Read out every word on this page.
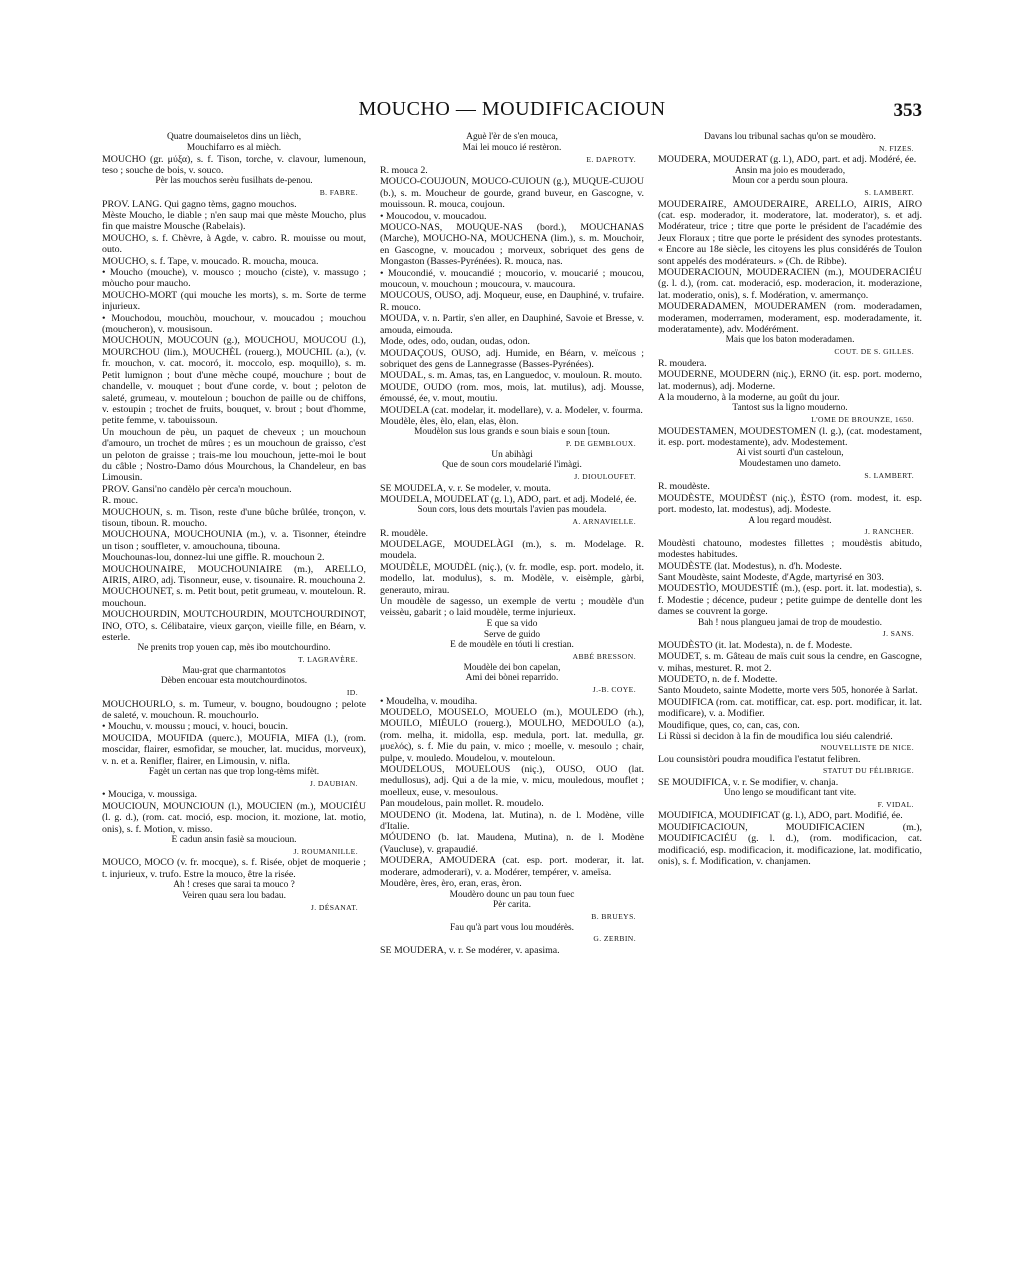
MOUCHO — MOUDIFICACIOUN	353

Quatre doumaiseletos dins un lièch,

Mouchifarro es al mièch.

MOUCHO (gr. μύξα), s. f. Tison, torche, v. clavour, lumenoun, teso ; souche de bois, v. souco.

Pèr las mouchos serèu fusilhats de-penou.

B. FABRE.

PROV. LANG. Qui gagno tèms, gagno mouchos.

Mèste Moucho, le diable ; n'en saup mai que mèste Moucho, plus fin que maistre Mousche (Rabelais).

MOUCHO, s. f. Chèvre, à Agde, v. cabro. R. mouisse ou mout, outo.

MOUCHO, s. f. Tape, v. moucado. R. moucha, mouca.

• Moucho (mouche), v. mousco ; moucho (ciste), v. massugo ; mòucho pour maucho.

MOUCHO-MORT (qui mouche les morts), s. m. Sorte de terme injurieux.

• Mouchodou, mouchòu, mouchour, v. moucadou ; mouchou (moucheron), v. mousisoun.

MOUCHOUN, MOUCOUN (g.), MOUCHOU, MOUCOU (l.), MOURCHOU (lim.), MOUCHÈL (rouerg.), MOUCHIL (a.), (v. fr. mouchon, v. cat. mocoró, it. moccolo, esp. moquillo), s. m. Petit lumignon ; bout d'une mèche coupé, mouchure ; bout de chandelle, v. mouquet ; bout d'une corde, v. bout ; peloton de saleté, grumeau, v. mouteloun ; bouchon de paille ou de chiffons, v. estoupin ; trochet de fruits, bouquet, v. brout ; bout d'homme, petite femme, v. tabouissoun.

Un mouchoun de pèu, un paquet de cheveux ; un mouchoun d'amouro, un trochet de mûres ; es un mouchoun de graisso, c'est un peloton de graisse ; trais-me lou mouchoun, jette-moi le bout du câble ; Nostro-Damo dóus Mourchous, la Chandeleur, en bas Limousin.

PROV. Gansi'no candèlo pèr cerca'n mouchoun.

R. mouc.

MOUCHOUN, s. m. Tison, reste d'une bûche brûlée, tronçon, v. tisoun, tiboun. R. moucho.

MOUCHOUNA, MOUCHOUNIA (m.), v. a. Tisonner, éteindre un tison ; souffleter, v. amouchouna, tibouna.

Mouchounas-lou, donnez-lui une giffle. R. mouchoun 2.

MOUCHOUNAIRE, MOUCHOUNIAIRE (m.), ARELLO, AIRIS, AIRO, adj. Tisonneur, euse, v. tisounaire. R. mouchouna 2.

MOUCHOUNET, s. m. Petit bout, petit grumeau, v. mouteloun. R. mouchoun.

MOUCHOURDIN, MOUTCHOURDIN, MOUTCHOURDINOT, INO, OTO, s. Célibataire, vieux garçon, vieille fille, en Béarn, v. esterle.

Ne prenits trop youen cap, mès ibo moutchourdino.

T. LAGRAVÈRE.

Mau-grat que charmantotos

Dèben encouar esta moutchourdinotos.

ID.

MOUCHOURLO, s. m. Tumeur, v. bougno, boudougno ; pelote de saleté, v. mouchoun. R. mouchourlo.

• Mouchu, v. moussu ; mouci, v. houci, boucin.

MOUCIDA, MOUFIDA (querc.), MOUFIA, MIFA (l.), (rom. moscidar, flairer, esmofidar, se moucher, lat. mucidus, morveux), v. n. et a. Renifler, flairer, en Limousin, v. nifla.

Fagèt un certan nas que trop long-tèms mifèt.

J. DAUBIAN.

• Mouciga, v. moussiga.

MOUCIOUN, MOUNCIOUN (l.), MOUCIEN (m.), MOUCIÉU (l. g. d.), (rom. cat. moció, esp. mocion, it. mozione, lat. motio, onis), s. f. Motion, v. misso.

E cadun ansin fasiè sa moucioun.

J. ROUMANILLE.

MOUCO, MOCO (v. fr. mocque), s. f. Risée, objet de moquerie ; t. injurieux, v. trufo. Estre la mouco, être la risée.

Ah ! creses que sarai ta mouco ?

Veiren quau sera lou badau.

J. DÉSANAT.

Aguè l'èr de s'en mouca,

Mai lei mouco ié restèron.

E. DAPROTY.

R. mouca 2.

MOUCO-COUJOUN, MOUCO-CUIOUN (g.), MUQUE-CUJOU (b.), s. m. Moucheur de gourde, grand buveur, en Gascogne, v. mouissoun. R. mouca, coujoun.

• Moucodou, v. moucadou.

MOUCO-NAS, MOUQUE-NAS (bord.), MOUCHANAS (Marche), MOUCHO-NA, MOUCHENA (lim.), s. m. Mouchoir, en Gascogne, v. moucadou ; morveux, sobriquet des gens de Mongaston (Basses-Pyrénées). R. mouca, nas.

• Moucondié, v. moucandié ; moucorio, v. moucarié ; moucou, moucoun, v. mouchoun ; moucoura, v. maucoura.

MOUCOUS, OUSO, adj. Moqueur, euse, en Dauphiné, v. trufaire. R. mouco.

MOUDA, v. n. Partir, s'en aller, en Dauphiné, Savoie et Bresse, v. amouda, eimouda.

Mode, odes, odo, oudan, oudas, odon.

MOUDAÇOUS, OUSO, adj. Humide, en Béarn, v. meïcous ; sobriquet des gens de Lannegrasse (Basses-Pyrénées).

MOUDAL, s. m. Amas, tas, en Languedoc, v. mouloun. R. mouto.

MOUDE, OUDO (rom. mos, mois, lat. mutilus), adj. Mousse, émoussé, ée, v. mout, moutiu.

MOUDELA (cat. modelar, it. modellare), v. a. Modeler, v. fourma.

Moudèle, èles, èlo, elan, elas, èlon.

Moudèlon sus lous grands e soun biais e soun [toun.

P. DE GEMBLOUX.

Un abihàgi

Que de soun cors moudelarié l'imàgi.

J. DIOULOUFET.

SE MOUDELA, v. r. Se modeler, v. mouta.

MOUDELA, MOUDELAT (g. l.), ADO, part. et adj. Modelé, ée.

Soun cors, lous dets mourtals l'avien pas moudela.

A. ARNAVIELLE.

R. moudèle.

MOUDELAGE, MOUDELÀGI (m.), s. m. Modelage. R. moudela.

MOUDÈLE, MOUDÈL (niç.), (v. fr. modle, esp. port. modelo, it. modello, lat. modulus), s. m. Modèle, v. eisèmple, gàrbi, generauto, mirau.

Un moudèle de sagesso, un exemple de vertu ; moudèle d'un veissèu, gabarit ; o laid moudèle, terme injurieux.

E que sa vido

Serve de guido

E de moudèle en tóuti li crestian.

ABBÉ BRESSON.

Moudèle dei bon capelan,

Ami dei bònei reparrido.

J.-B. COYE.

• Moudelha, v. moudiha.

MOUDELO, MOUSELO, MOUELO (m.), MOULEDO (rh.), MOUILO, MIÉULO (rouerg.), MOULHO, MEDOULO (a.), (rom. melha, it. midolla, esp. medula, port. lat. medulla, gr. μυελός), s. f. Mie du pain, v. mico ; moelle, v. mesoulo ; chair, pulpe, v. mouledo. Moudelou, v. mouteloun.

MOUDELOUS, MOUELOUS (niç.), OUSO, OUO (lat. medullosus), adj. Qui a de la mie, v. micu, mouledous, mouflet ; moelleux, euse, v. mesoulous.

Pan moudelous, pain mollet. R. moudelo.

MOUDENO (it. Modena, lat. Mutina), n. de l. Modène, ville d'Italie.

MÓUDENO (b. lat. Maudena, Mutina), n. de l. Modène (Vaucluse), v. grapaudié.

MOUDERA, AMOUDERA (cat. esp. port. moderar, it. lat. moderare, admoderari), v. a. Modérer, tempérer, v. ameïsa.

Moudère, ères, èro, eran, eras, èron.

Moudèro dounc un pau toun fuec

Pèr carita.

B. BRUEYS.

Fau qu'à part vous lou moudérès.

G. ZERBIN.

SE MOUDERA, v. r. Se modérer, v. apasima.

Davans lou tribunal sachas qu'on se moudèro.

N. FIZES.

MOUDERA, MOUDERAT (g. l.), ADO, part. et adj. Modéré, ée.

Ansin ma joio es mouderado,

Moun cor a perdu soun ploura.

S. LAMBERT.

MOUDERAIRE, AMOUDERAIRE, ARELLO, AIRIS, AIRO (cat. esp. moderador, it. moderatore, lat. moderator), s. et adj. Modérateur, trice ; titre que porte le président de l'académie des Jeux Floraux ; titre que porte le président des synodes protestants. « Encore au 18e siècle, les citoyens les plus considérés de Toulon sont appelés des modérateurs. » (Ch. de Ribbe).

MOUDERACIOUN, MOUDERACIEN (m.), MOUDERACIÉU (g. l. d.), (rom. cat. moderació, esp. moderacion, it. moderazione, lat. moderatio, onis), s. f. Modération, v. amermanço.

MOUDERADAMEN, MOUDERAMEN (rom. moderadamen, moderamen, moderramen, moderament, esp. moderadamente, it. moderatamente), adv. Modérément.

Mais que los baton moderadamen.

COUT. DE S. GILLES.

R. moudera.

MOUDERNE, MOUDERN (niç.), ERNO (it. esp. port. moderno, lat. modernus), adj. Moderne.

A la mouderno, à la moderne, au goût du jour.

Tantost sus la ligno mouderno.

L'OME DE BROUNZE, 1650.

MOUDESTAMEN, MOUDESTOMEN (l. g.), (cat. modestament, it. esp. port. modestamente), adv. Modestement.

Ai vist sourti d'un casteloun,

Moudestamen uno dameto.

S. LAMBERT.

R. moudèste.

MOUDÈSTE, MOUDÈST (niç.), ÈSTO (rom. modest, it. esp. port. modesto, lat. modestus), adj. Modeste.

A lou regard moudèst.

J. RANCHER.

Moudèsti chatouno, modestes fillettes ; moudèstis abitudo, modestes habitudes.

MOUDÈSTE (lat. Modestus), n. d'h. Modeste.

Sant Moudèste, saint Modeste, d'Agde, martyrisé en 303.

MOUDESTÌO, MOUDESTIÉ (m.), (esp. port. it. lat. modestia), s. f. Modestie ; décence, pudeur ; petite guimpe de dentelle dont les dames se couvrent la gorge.

Bah ! nous plangueu jamai de trop de moudestio.

J. SANS.

MOUDÈSTO (it. lat. Modesta), n. de f. Modeste.

MOUDET, s. m. Gâteau de maïs cuit sous la cendre, en Gascogne, v. mihas, mesturet. R. mot 2.

MOUDETO, n. de f. Modette.

Santo Moudeto, sainte Modette, morte vers 505, honorée à Sarlat.

MOUDIFICA (rom. cat. motifficar, cat. esp. port. modificar, it. lat. modificare), v. a. Modifier.

Moudifique, ques, co, can, cas, con.

Li Rùssi si decidon à la fin de moudifica lou siéu calendrié.

NOUVELLISTE DE NICE.

Lou counsistòri poudra moudifica l'estatut felibren.

STATUT DU FÉLIBRIGE.

SE MOUDIFICA, v. r. Se modifier, v. chanja.

Uno lengo se moudificant tant vite.

F. VIDAL.

MOUDIFICA, MOUDIFICAT (g. l.), ADO, part. Modifié, ée.

MOUDIFICACIOUN, MOUDIFICACIEN (m.), MOUDIFICACIÉU (g. l. d.), (rom. modificacion, cat. modificació, esp. modificacion, it. modificazione, lat. modificatio, onis), s. f. Modification, v. chanjamen.
